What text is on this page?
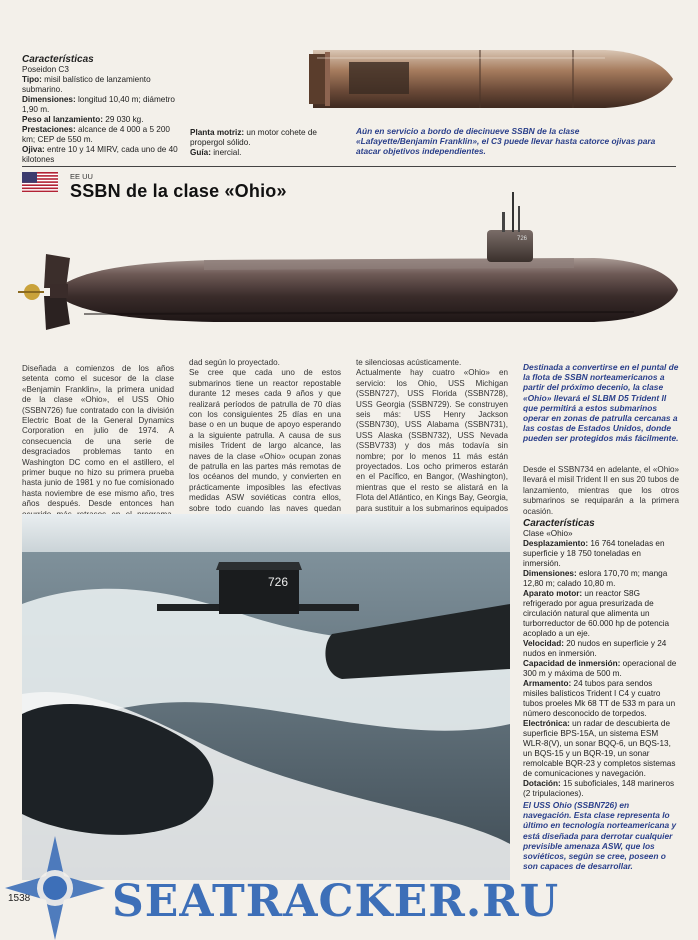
Características
Poseidon C3

Tipo: misil balístico de lanzamiento submarino.

Dimensiones: longitud 10,40 m; diámetro 1,90 m.

Peso al lanzamiento: 29 030 kg.

Prestaciones: alcance de 4 000 a 5 200 km; CEP de 550 m.

Ojiva: entre 10 y 14 MIRV, cada uno de 40 kilotones

Planta motriz: un motor cohete de propergol sólido.

Guía: inercial.

Aún en servicio a bordo de diecinueve SSBN de la clase «Lafayette/Benjamin Franklin», el C3 puede llevar hasta catorce ojivas para atacar objetivos independientes.
EE UU
SSBN de la clase «Ohio»
726
Diseñada a comienzos de los años setenta como el sucesor de la clase «Benjamin Franklin», la primera unidad de la clase «Ohio», el USS Ohio (SSBN726) fue contratado con la división Electric Boat de la General Dynamics Corporation en julio de 1974. A consecuencia de una serie de desgraciados problemas tanto en Washington DC como en el astillero, el primer buque no hizo su primera prueba hasta junio de 1981 y no fue comisionado hasta noviembre de ese mismo año, tres años después. Desde entonces han
dad según lo proyectado.
Se cree que cada uno de estos submarinos tiene un reactor repostable durante 12 meses cada 9 años y que realizará períodos de patrulla de 70 días con los consiguientes 25 días en una base o en un buque de apoyo esperando a la siguiente patrulla. A causa de sus misiles Trident de largo alcance, las naves de la clase «Ohio» ocupan zonas de patrulla en las partes más remotas de los océanos del mundo, y convierten en prácticamente imposibles las efectivas medidas ASW soviéticas contra ellos, sobre todo cuando las naves quedan
te silenciosas acústicamente.
Actualmente hay cuatro «Ohio» en servicio: los Ohio, USS Michigan (SSBN727), USS Florida (SSBN728), USS Georgia (SSBN729). Se construyen seis más: USS Henry Jackson (SSBN730), USS Alabama (SSBN731), USS Alaska (SSBN732), USS Nevada (SSBV733) y dos más todavía sin nombre; por lo menos 11 más están proyectados. Los ocho primeros estarán en el Pacífico, en Bangor, (Washington), mientras que el resto se alistará en la Flota del Atlántico, en Kings Bay, Georgia, para sustituir a los submarinos equipados
Destinada a convertirse en el puntal de la flota de SSBN norteamericanos a partir del próximo decenio, la clase «Ohio» llevará el SLBM D5 Trident II que permitirá a estos submarinos operar en zonas de patrulla cercanas a las costas de Estados Unidos, donde pueden ser protegidos más fácilmente.
Desde el SSBN734 en adelante, el «Ohio» llevará el misil Trident II en sus 20 tubos de lanzamiento, mientras que los otros submarinos se requiparán a la primera ocasión.
Características
Clase «Ohio»

Desplazamiento: 16 764 toneladas en superficie y 18 750 toneladas en inmersión.

Dimensiones: eslora 170,70 m; manga 12,80 m; calado 10,80 m.

Aparato motor: un reactor S8G refrigerado por agua presurizada de circulación natural que alimenta un turborreductor de 60.000 hp de potencia acoplado a un eje.

Velocidad: 20 nudos en superficie y 24 nudos en inmersión.

Capacidad de inmersión: operacional de 300 m y máxima de 500 m.

Armamento: 24 tubos para sendos misiles balísticos Trident I C4 y cuatro tubos proeles Mk 68 TT de 533 m para un número desconocido de torpedos.

Electrónica: un radar de descubierta de superficie BPS-15A, un sistema ESM WLR-8(V), un sonar BQQ-6, un BQS-13, un BQS-15 y un BQR-19, un sonar remolcable BQR-23 y completos sistemas de comunicaciones y navegación.

Dotación: 15 suboficiales, 148 marineros (2 tripulaciones).

El USS Ohio (SSBN726) en navegación. Esta clase representa lo último en tecnología norteamericana y está diseñada para derrotar cualquier previsible amenaza ASW, que los soviéticos, según se cree, poseen o son capaces de desarrollar.
726
1538 SEATRACKER.RU
